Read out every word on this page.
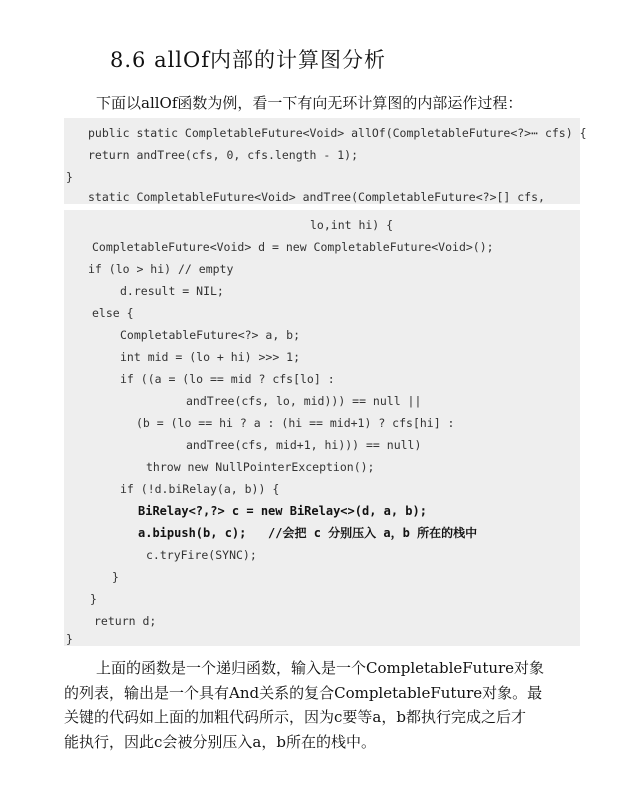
8.6 allOf内部的计算图分析
下面以allOf函数为例，看一下有向无环计算图的内部运作过程：
public static CompletableFuture<Void> allOf(CompletableFuture<?>⋯ cfs) {
return andTree(cfs, 0, cfs.length - 1);
}
static CompletableFuture<Void> andTree(CompletableFuture<?>[] cfs,
lo,int hi) {
CompletableFuture<Void> d = new CompletableFuture<Void>();
if (lo > hi) // empty
d.result = NIL;
else {
CompletableFuture<?> a, b;
int mid = (lo + hi) >>> 1;
if ((a = (lo == mid ? cfs[lo] :
andTree(cfs, lo, mid))) == null ||
(b = (lo == hi ? a : (hi == mid+1) ? cfs[hi] :
andTree(cfs, mid+1, hi))) == null)
throw new NullPointerException();
if (!d.biRelay(a, b)) {
BiRelay<?,?> c = new BiRelay<>(d, a, b);
a.bipush(b, c);   //会把 c 分别压入 a，b 所在的栈中
c.tryFire(SYNC);
}
}
return d;
}

上面的函数是一个递归函数，输入是一个CompletableFuture对象

的列表，输出是一个具有And关系的复合CompletableFuture对象。最

关键的代码如上面的加粗代码所示，因为c要等a，b都执行完成之后才

能执行，因此c会被分别压入a，b所在的栈中。
